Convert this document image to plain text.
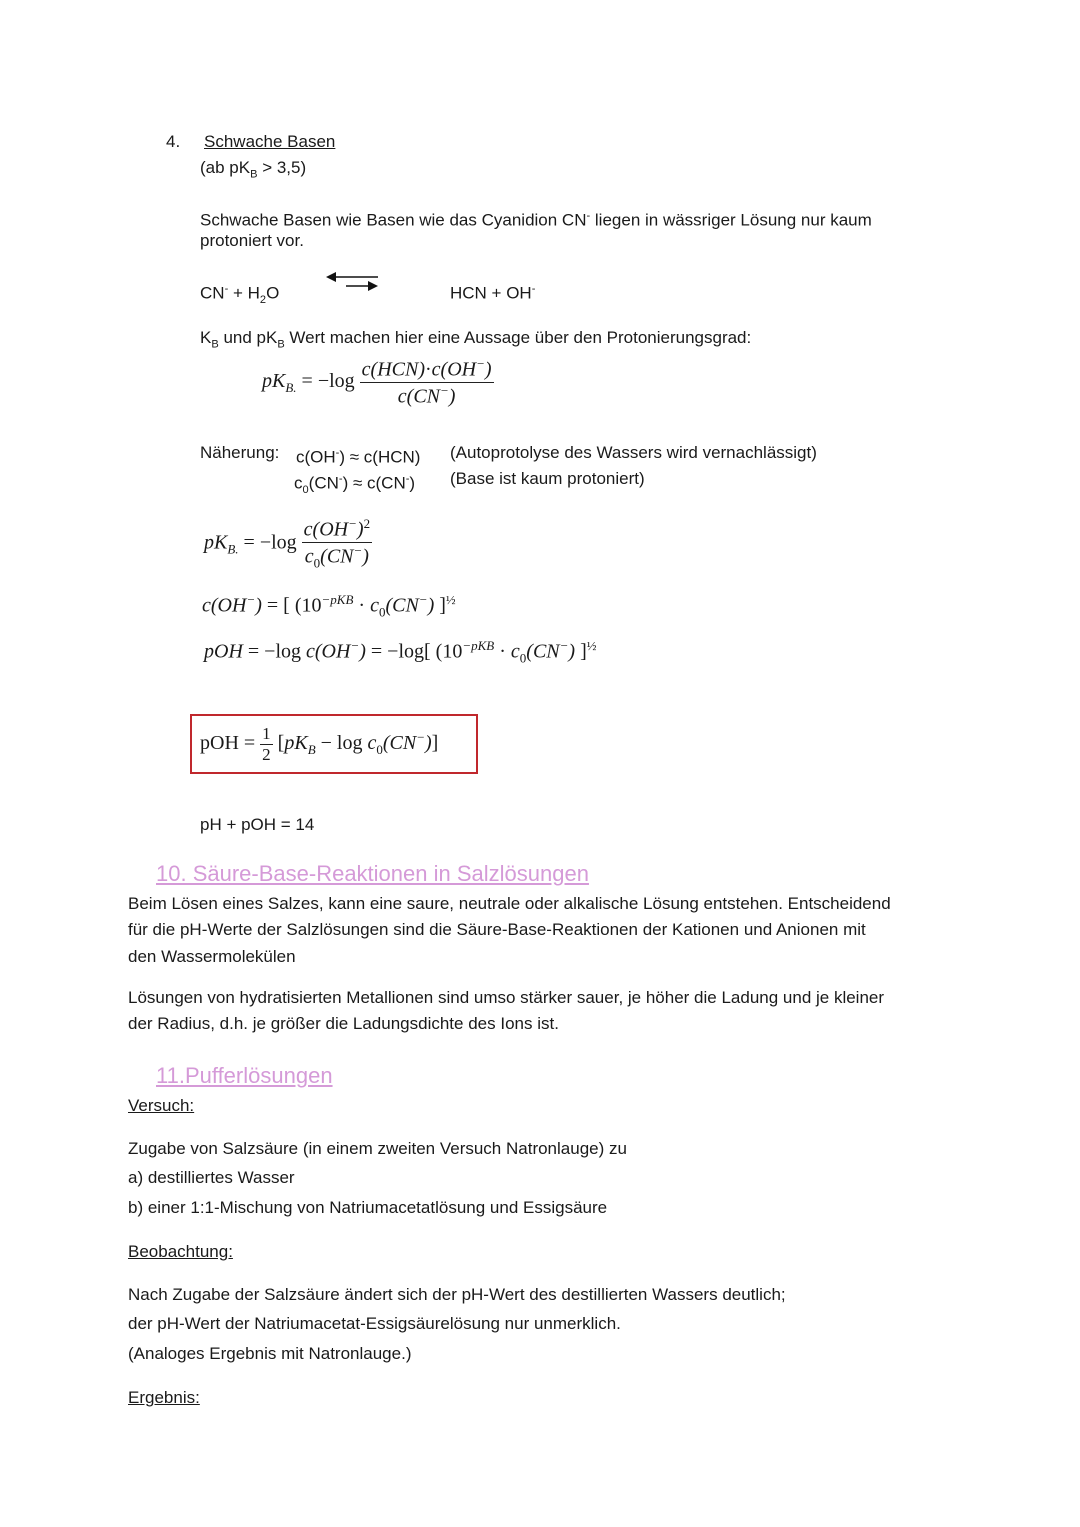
4. Schwache Basen
(ab $pK_B > 3,5$)
Schwache Basen wie Basen wie das Cyanidion CN- liegen in wässriger Lösung nur kaum
protoniert vor.
$CN^- + H_2O$	HCN + OH-
$K_B$ und $pK_B$ Wert machen hier eine Aussage über den Protonierungsgrad:
$pK_{B.} = -\log \frac{c(HCN)\cdot c(OH^-)}{c(CN^-)}$
Näherung: c(OH-) ≈ c(HCN) (Autoprotolyse des Wassers wird vernachlässigt)
$c_0(CN^-) \approx c(CN^-)$ (Base ist kaum protoniert)
$pK_{B.} = -\log \frac{c(OH^-)^2}{c_0(CN^-)}$
c(OH−) = [ ($10^{-pKB} \cdot c_0(CN^-)$ ]$^{\frac{1}{2}}$
pOH = −log c(OH−) = −log[ ($10^{-pKB} \cdot c_0(CN^-)$ ]$^{\frac{1}{2}}$
pOH = $\frac{1}{2} [pK_B - \log c_0(CN^-)]$
pH + pOH = 14
10. Säure-Base-Reaktionen in Salzlösungen
Beim Lösen eines Salzes, kann eine saure, neutrale oder alkalische Lösung entstehen. Entscheidend
für die pH-Werte der Salzlösungen sind die Säure-Base-Reaktionen der Kationen und Anionen mit
den Wassermolekülen
Lösungen von hydratisierten Metallionen sind umso stärker sauer, je höher die Ladung und je kleiner
der Radius, d.h. je größer die Ladungsdichte des Ions ist.
11.Pufferlösungen
Versuch:
Zugabe von Salzsäure (in einem zweiten Versuch Natronlauge) zu
a) destilliertes Wasser
b) einer 1:1-Mischung von Natriumacetatlösung und Essigsäure
Beobachtung:
Nach Zugabe der Salzsäure ändert sich der pH-Wert des destillierten Wassers deutlich;
der pH-Wert der Natriumacetat-Essigsäurelösung nur unmerklich.
(Analoges Ergebnis mit Natronlauge.)
Ergebnis:
